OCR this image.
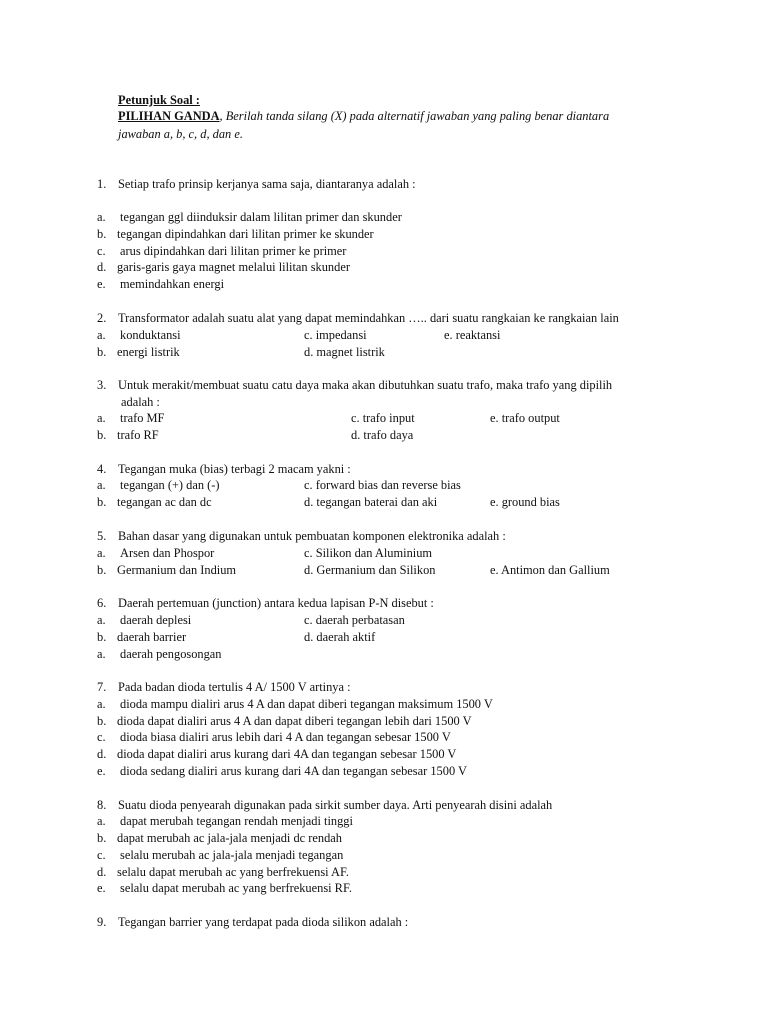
Petunjuk Soal :
PILIHAN GANDA, Berilah tanda silang (X) pada alternatif jawaban yang paling benar diantara
jawaban a, b, c, d, dan e.
1. Setiap trafo prinsip kerjanya sama saja, diantaranya adalah :
a. tegangan ggl diinduksir dalam lilitan primer dan skunder
b. tegangan dipindahkan dari lilitan primer ke skunder
c. arus dipindahkan dari lilitan primer ke primer
d. garis-garis gaya magnet melalui lilitan skunder
e. memindahkan energi
2. Transformator adalah suatu alat yang dapat memindahkan ….. dari suatu rangkaian ke rangkaian lain
a. konduktansi	c. impedansi	e. reaktansi
b. energi listrik	d. magnet listrik
3. Untuk merakit/membuat suatu catu daya maka akan dibutuhkan suatu trafo, maka trafo yang dipilih
adalah :
a. trafo MF	c. trafo input	e. trafo output
b. trafo RF	d. trafo daya
4. Tegangan muka (bias) terbagi 2 macam yakni :
a. tegangan (+) dan (-)	c. forward bias dan reverse bias
b. tegangan ac dan dc	d. tegangan baterai dan aki	e. ground bias
5. Bahan dasar yang digunakan untuk pembuatan komponen elektronika adalah :
a. Arsen dan Phospor	c. Silikon dan Aluminium
b. Germanium dan Indium	d. Germanium dan Silikon	e. Antimon dan Gallium
6. Daerah pertemuan (junction) antara kedua lapisan P-N disebut :
a. daerah deplesi	c. daerah perbatasan
b. daerah barrier	d. daerah aktif
a. daerah pengosongan
7. Pada badan dioda tertulis 4 A/ 1500 V artinya :
a. dioda mampu dialiri arus 4 A dan dapat diberi tegangan maksimum 1500 V
b. dioda dapat dialiri arus 4 A dan dapat diberi tegangan lebih dari 1500 V
c. dioda biasa dialiri arus lebih dari 4 A dan tegangan sebesar 1500 V
d. dioda dapat dialiri arus kurang dari 4A dan tegangan sebesar 1500 V
e. dioda sedang dialiri arus kurang dari 4A dan tegangan sebesar 1500 V
8. Suatu dioda penyearah digunakan pada sirkit sumber daya. Arti penyearah disini adalah
a. dapat merubah tegangan rendah menjadi tinggi
b. dapat merubah ac jala-jala menjadi dc rendah
c. selalu merubah ac jala-jala menjadi tegangan
d. selalu dapat merubah ac yang berfrekuensi AF.
e. selalu dapat merubah ac yang berfrekuensi RF.
9. Tegangan barrier yang terdapat pada dioda silikon adalah :
